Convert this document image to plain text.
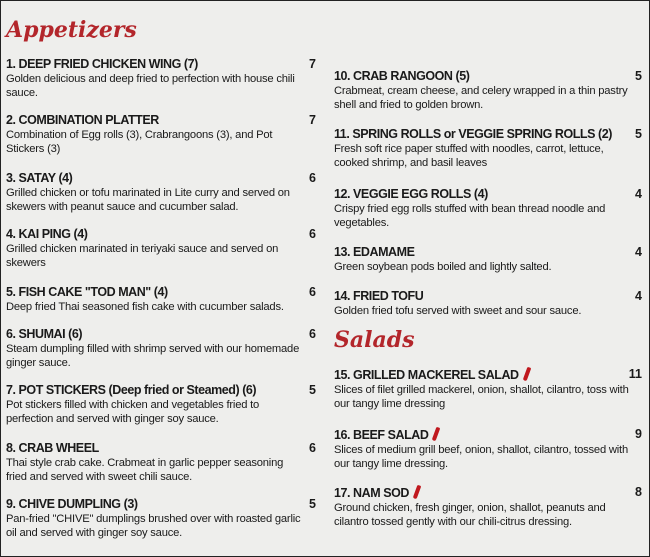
Appetizers
1. DEEP FRIED CHICKEN WING (7)	7
Golden delicious and deep fried to perfection with house chili sauce.
2. COMBINATION PLATTER	7
Combination of Egg rolls (3), Crabrangoons (3), and Pot Stickers (3)
3. SATAY (4)	6
Grilled chicken or tofu marinated in Lite curry and served on skewers with peanut sauce and cucumber salad.
4. KAI PING (4)	6
Grilled chicken marinated in teriyaki sauce and served on skewers
5. FISH CAKE "TOD MAN" (4)	6
Deep fried Thai seasoned fish cake with cucumber salads.
6. SHUMAI (6)	6
Steam dumpling filled with shrimp served with our homemade ginger sauce.
7. POT STICKERS (Deep fried or Steamed) (6)	5
Pot stickers filled with chicken and vegetables fried to perfection and served with ginger soy sauce.
8. CRAB WHEEL	6
Thai style crab cake. Crabmeat in garlic pepper seasoning fried and served with sweet chili sauce.
9. CHIVE DUMPLING (3)	5
Pan-fried "CHIVE" dumplings brushed over with roasted garlic oil and served with ginger soy sauce.
10. CRAB RANGOON (5)	5
Crabmeat, cream cheese, and celery wrapped in a thin pastry shell and fried to golden brown.
11. SPRING ROLLS or VEGGIE SPRING ROLLS (2)	5
Fresh soft rice paper stuffed with noodles, carrot, lettuce, cooked shrimp, and basil leaves
12. VEGGIE EGG ROLLS (4)	4
Crispy fried egg rolls stuffed with bean thread noodle and vegetables.
13. EDAMAME	4
Green soybean pods boiled and lightly salted.
14. FRIED TOFU	4
Golden fried tofu served with sweet and sour sauce.
Salads
15. GRILLED MACKEREL SALAD	11
Slices of filet grilled mackerel, onion, shallot, cilantro, toss with our tangy lime dressing
16. BEEF SALAD	9
Slices of medium grill beef, onion, shallot, cilantro, tossed with our tangy lime dressing.
17. NAM SOD	8
Ground chicken, fresh ginger, onion, shallot, peanuts and cilantro tossed gently with our chili-citrus dressing.
